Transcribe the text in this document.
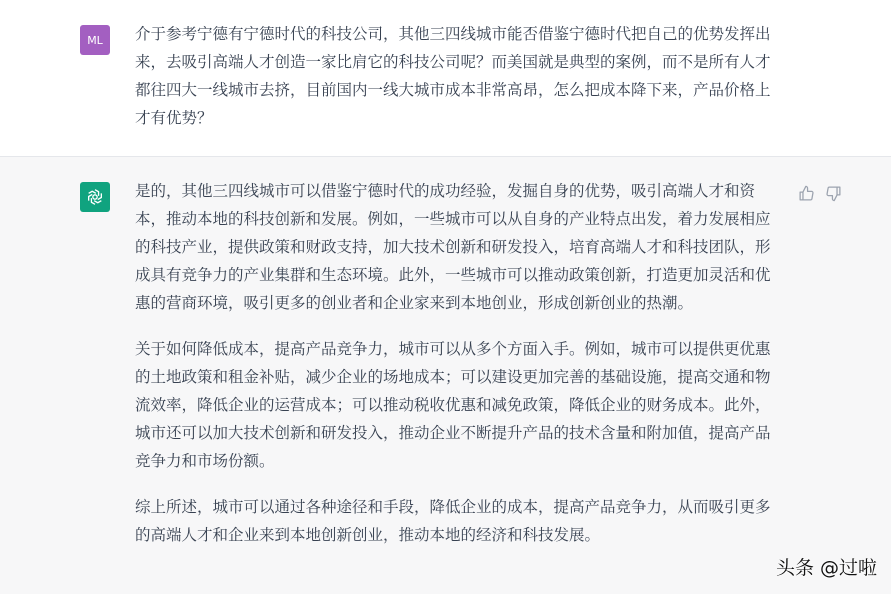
ML 介于参考宁德有宁德时代的科技公司，其他三四线城市能否借鉴宁德时代把自己的优势发挥出来，去吸引高端人才创造一家比肩它的科技公司呢？而美国就是典型的案例，而不是所有人才都往四大一线城市去挤，目前国内一线大城市成本非常高昂，怎么把成本降下来，产品价格上才有优势？

是的，其他三四线城市可以借鉴宁德时代的成功经验，发掘自身的优势，吸引高端人才和资本，推动本地的科技创新和发展。例如，一些城市可以从自身的产业特点出发，着力发展相应的科技产业，提供政策和财政支持，加大技术创新和研发投入，培育高端人才和科技团队，形成具有竞争力的产业集群和生态环境。此外，一些城市可以推动政策创新，打造更加灵活和优惠的营商环境，吸引更多的创业者和企业家来到本地创业，形成创新创业的热潮。

关于如何降低成本，提高产品竞争力，城市可以从多个方面入手。例如，城市可以提供更优惠的土地政策和租金补贴，减少企业的场地成本；可以建设更加完善的基础设施，提高交通和物流效率，降低企业的运营成本；可以推动税收优惠和减免政策，降低企业的财务成本。此外，城市还可以加大技术创新和研发投入，推动企业不断提升产品的技术含量和附加值，提高产品竞争力和市场份额。

综上所述，城市可以通过各种途径和手段，降低企业的成本，提高产品竞争力，从而吸引更多的高端人才和企业来到本地创新创业，推动本地的经济和科技发展。

头条 @过啦
